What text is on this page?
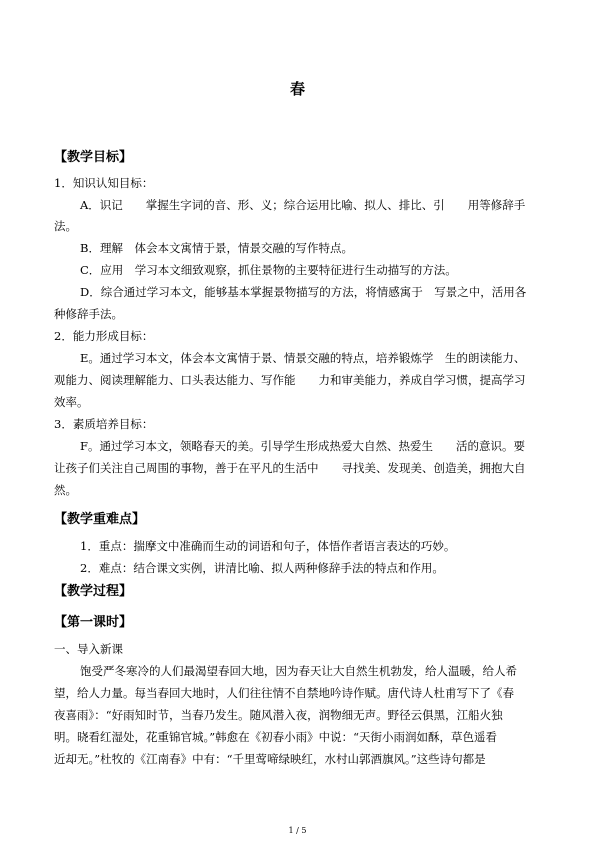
春
【教学目标】
1．知识认知目标：
A．识记　　掌握生字词的音、形、义；综合运用比喻、拟人、排比、引　　用等修辞手
法。
B．理解　体会本文寓情于景，情景交融的写作特点。
C．应用　学习本文细致观察，抓住景物的主要特征进行生动描写的方法。
D．综合通过学习本文，能够基本掌握景物描写的方法，将情感寓于　写景之中，活用各
种修辞手法。
2．能力形成目标：
E。通过学习本文，体会本文寓情于景、情景交融的特点，培养锻炼学　生的朗读能力、
观能力、阅读理解能力、口头表达能力、写作能　　力和审美能力，养成自学习惯，提高学习
效率。
3．素质培养目标：
F。通过学习本文，领略春天的美。引导学生形成热爱大自然、热爱生　　活的意识。要
让孩子们关注自己周围的事物，善于在平凡的生活中　　寻找美、发现美、创造美，拥抱大自
然。
【教学重难点】
1．重点：揣摩文中准确而生动的词语和句子，体悟作者语言表达的巧妙。
2．难点：结合课文实例，讲清比喻、拟人两种修辞手法的特点和作用。
【教学过程】
【第一课时】
一、导入新课
饱受严冬寒冷的人们最渴望春回大地，因为春天让大自然生机勃发，给人温暖，给人希
望，给人力量。每当春回大地时，人们往往情不自禁地吟诗作赋。唐代诗人杜甫写下了《春
夜喜雨》：“好雨知时节，当春乃发生。随风潜入夜，润物细无声。野径云俱黑，江船火独
明。晓看红湿处，花重锦官城。”韩愈在《初春小雨》中说：“天街小雨润如酥，草色遥看
近却无。”杜牧的《江南春》中有：“千里莺啼绿映红，水村山郭酒旗风。”这些诗句都是
1 / 5
